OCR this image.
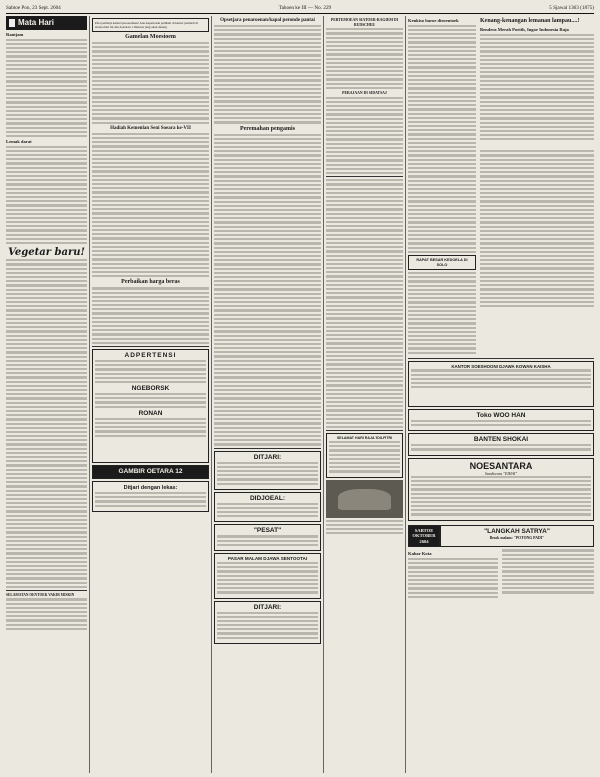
Sabtoe Pon, 23 Sept. 2604	Tahoen ke III — No. 229	5 Sjawal 1363 (1875)
Mata Hari
Rantjam
Lemak darat
Vegetar baru!
SELAMATAN OENTOEK VAKIR MISKIN
Para pembeja kantor/peroesahaan! Atas keperloean pembeli di kantor pembeli di Oetara hari ini dan doetaran 1 Oktober jang akan datang.
Gamelan Moesioem
Hadiah Kemenlan Seni Soeara ke-VII
Perbaikan harga beras
ADPERTENSI
NGEBORSK
RONAN
GAMBIR OETARA 12
Ditjari dengan lekas:
Opsetjara penaroenan/kapal peronde pantai
Peremahan pengamis
DITJARI:
DIDJOEAL:
"PESAT"
PASAR MALAM DJAWA SENTOOTAI
DITJARI:
PERTEMOEAN SIATOER-RAGIEM DI BUDSCHEE
PERAJAAN DI SIDATSAJ
SELAMAT HARI RAJA 'IDILFITRI
Kenkiso baroe diroentoek	Kenang-kenangan lemanan lampau....!
Bendera Merah Poetih, Ingoe Indonesia Raja
RAPAT BESAR KEDOELA DI SOLO
KANTOR SOESHOONI DJAWA KOWAN KAISHA
Toko WOO HAN
BANTEN SHOKAI
NOESANTARA
Sandiwara "EIHAI"
SABTOE OKTOBER 2604
"LANGKAH SATRYA"
Besok malam: "POTONG PADI"
Kabar Kota
